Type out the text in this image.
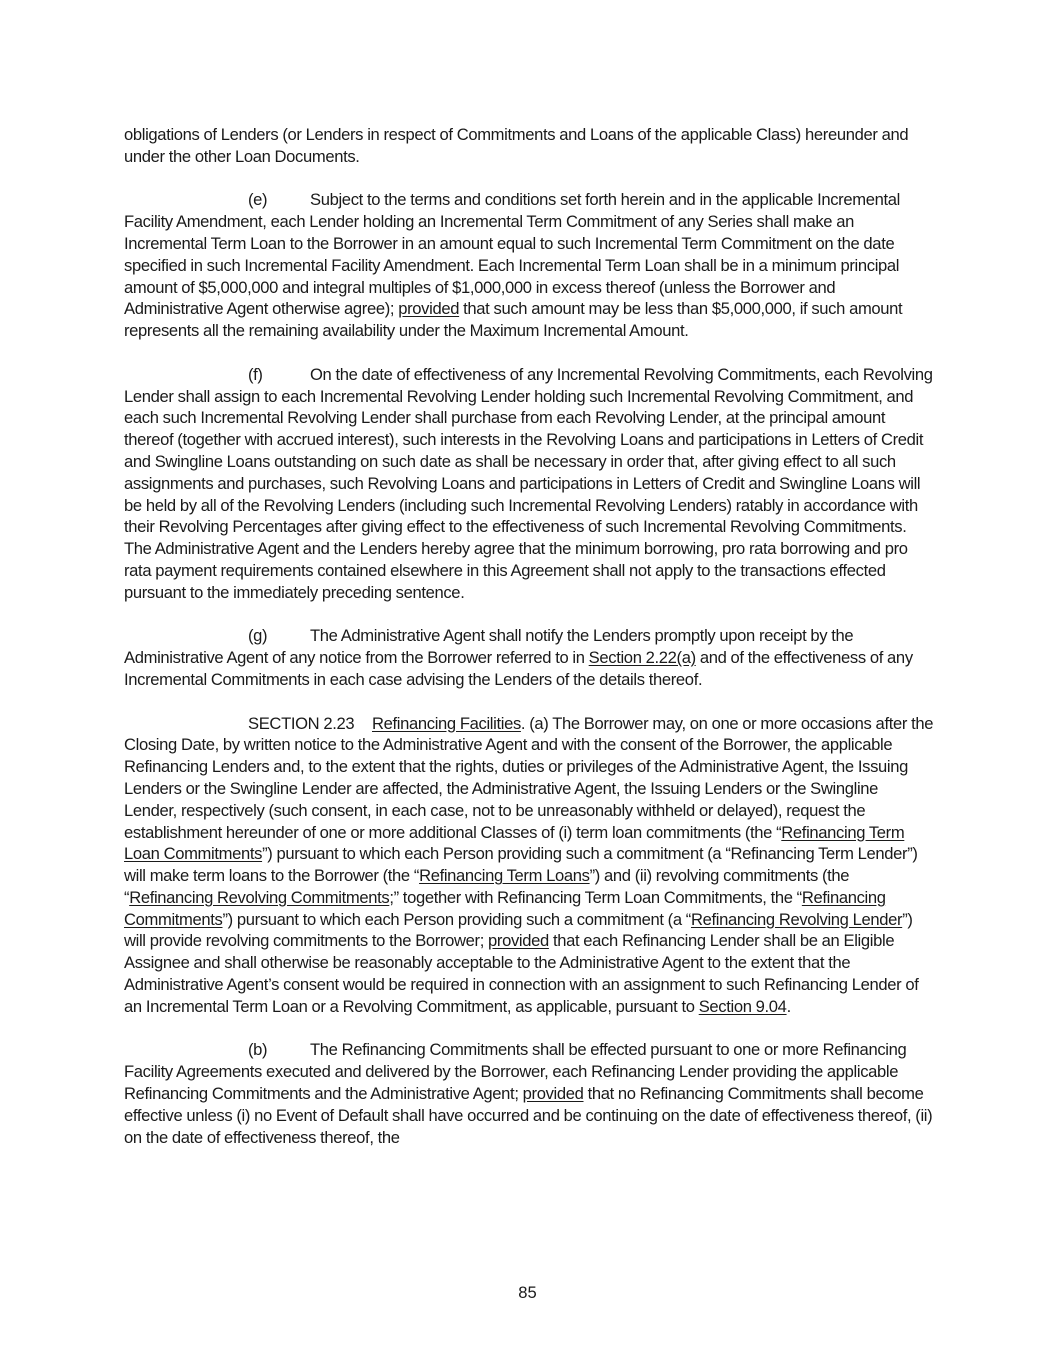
obligations of Lenders (or Lenders in respect of Commitments and Loans of the applicable Class) hereunder and under the other Loan Documents.

(e)	Subject to the terms and conditions set forth herein and in the applicable Incremental Facility Amendment, each Lender holding an Incremental Term Commitment of any Series shall make an Incremental Term Loan to the Borrower in an amount equal to such Incremental Term Commitment on the date specified in such Incremental Facility Amendment. Each Incremental Term Loan shall be in a minimum principal amount of $5,000,000 and integral multiples of $1,000,000 in excess thereof (unless the Borrower and Administrative Agent otherwise agree); provided that such amount may be less than $5,000,000, if such amount represents all the remaining availability under the Maximum Incremental Amount.

(f)	On the date of effectiveness of any Incremental Revolving Commitments, each Revolving Lender shall assign to each Incremental Revolving Lender holding such Incremental Revolving Commitment, and each such Incremental Revolving Lender shall purchase from each Revolving Lender, at the principal amount thereof (together with accrued interest), such interests in the Revolving Loans and participations in Letters of Credit and Swingline Loans outstanding on such date as shall be necessary in order that, after giving effect to all such assignments and purchases, such Revolving Loans and participations in Letters of Credit and Swingline Loans will be held by all of the Revolving Lenders (including such Incremental Revolving Lenders) ratably in accordance with their Revolving Percentages after giving effect to the effectiveness of such Incremental Revolving Commitments. The Administrative Agent and the Lenders hereby agree that the minimum borrowing, pro rata borrowing and pro rata payment requirements contained elsewhere in this Agreement shall not apply to the transactions effected pursuant to the immediately preceding sentence.

(g)	The Administrative Agent shall notify the Lenders promptly upon receipt by the Administrative Agent of any notice from the Borrower referred to in Section 2.22(a) and of the effectiveness of any Incremental Commitments in each case advising the Lenders of the details thereof.

SECTION 2.23 Refinancing Facilities. (a) The Borrower may, on one or more occasions after the Closing Date, by written notice to the Administrative Agent and with the consent of the Borrower, the applicable Refinancing Lenders and, to the extent that the rights, duties or privileges of the Administrative Agent, the Issuing Lenders or the Swingline Lender are affected, the Administrative Agent, the Issuing Lenders or the Swingline Lender, respectively (such consent, in each case, not to be unreasonably withheld or delayed), request the establishment hereunder of one or more additional Classes of (i) term loan commitments (the “Refinancing Term Loan Commitments”) pursuant to which each Person providing such a commitment (a “Refinancing Term Lender”) will make term loans to the Borrower (the “Refinancing Term Loans”) and (ii) revolving commitments (the “Refinancing Revolving Commitments;” together with Refinancing Term Loan Commitments, the “Refinancing Commitments”) pursuant to which each Person providing such a commitment (a “Refinancing Revolving Lender”) will provide revolving commitments to the Borrower; provided that each Refinancing Lender shall be an Eligible Assignee and shall otherwise be reasonably acceptable to the Administrative Agent to the extent that the Administrative Agent’s consent would be required in connection with an assignment to such Refinancing Lender of an Incremental Term Loan or a Revolving Commitment, as applicable, pursuant to Section 9.04.

(b)	The Refinancing Commitments shall be effected pursuant to one or more Refinancing Facility Agreements executed and delivered by the Borrower, each Refinancing Lender providing the applicable Refinancing Commitments and the Administrative Agent; provided that no Refinancing Commitments shall become effective unless (i) no Event of Default shall have occurred and be continuing on the date of effectiveness thereof, (ii) on the date of effectiveness thereof, the

85
